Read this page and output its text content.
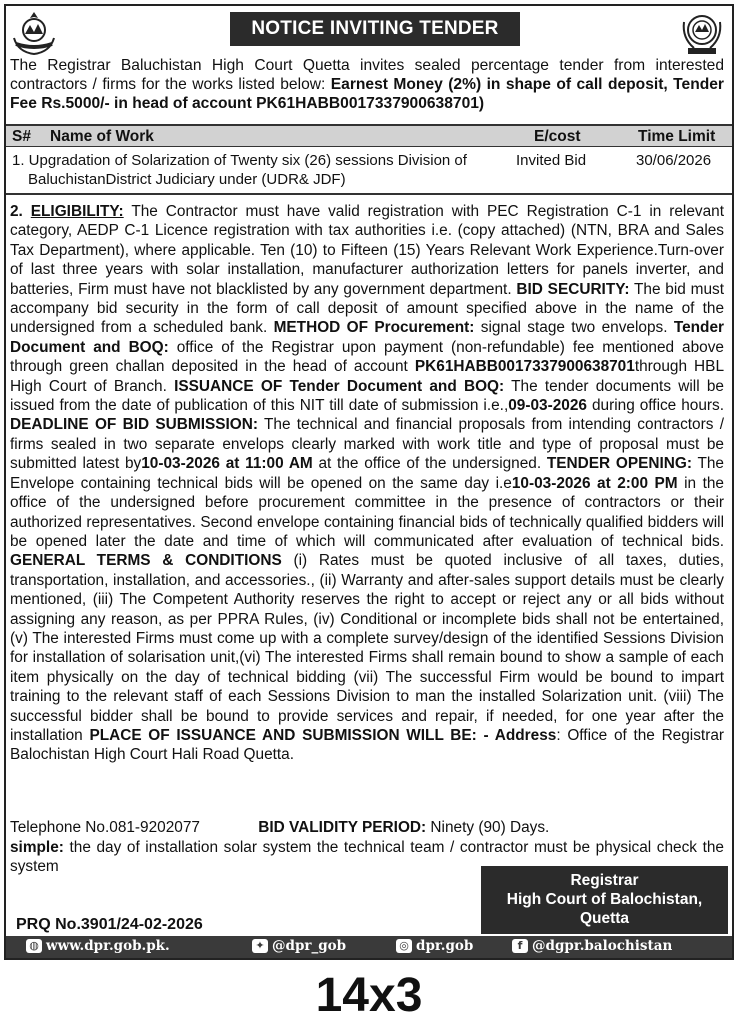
NOTICE INVITING TENDER
The Registrar Baluchistan High Court Quetta invites sealed percentage tender from interested contractors / firms for the works listed below: Earnest Money (2%) in shape of call deposit, Tender Fee Rs.5000/- in head of account PK61HABB0017337900638701)
S# Name of Work	E/cost	Time Limit
1. Upgradation of Solarization of Twenty six (26) sessions Division of
BaluchistanDistrict Judiciary under (UDR& JDF)
Invited Bid	30/06/2026
2. ELIGIBILITY: The Contractor must have valid registration with PEC Registration C-1 in relevant category, AEDP C-1 Licence registration with tax authorities i.e. (copy attached) (NTN, BRA and Sales Tax Department), where applicable. Ten (10) to Fifteen (15) Years Relevant Work Experience.Turn-over of last three years with solar installation, manufacturer authorization letters for panels inverter, and batteries, Firm must have not blacklisted by any government department. BID SECURITY: The bid must accompany bid security in the form of call deposit of amount specified above in the name of the undersigned from a scheduled bank. METHOD OF Procurement: signal stage two envelops. Tender Document and BOQ: office of the Registrar upon payment (non-refundable) fee mentioned above through green challan deposited in the head of account PK61HABB0017337900638701through HBL High Court of Branch. ISSUANCE OF Tender Document and BOQ: The tender documents will be issued from the date of publication of this NIT till date of submission i.e.,09-03-2026 during office hours. DEADLINE OF BID SUBMISSION: The technical and financial proposals from intending contractors / firms sealed in two separate envelops clearly marked with work title and type of proposal must be submitted latest by10-03-2026 at 11:00 AM at the office of the undersigned. TENDER OPENING: The Envelope containing technical bids will be opened on the same day i.e10-03-2026 at 2:00 PM in the office of the undersigned before procurement committee in the presence of contractors or their authorized representatives. Second envelope containing financial bids of technically qualified bidders will be opened later the date and time of which will communicated after evaluation of technical bids. GENERAL TERMS & CONDITIONS (i) Rates must be quoted inclusive of all taxes, duties, transportation, installation, and accessories., (ii) Warranty and after-sales support details must be clearly mentioned, (iii) The Competent Authority reserves the right to accept or reject any or all bids without assigning any reason, as per PPRA Rules, (iv) Conditional or incomplete bids shall not be entertained, (v) The interested Firms must come up with a complete survey/design of the identified Sessions Division for installation of solarisation unit,(vi) The interested Firms shall remain bound to show a sample of each item physically on the day of technical bidding (vii) The successful Firm would be bound to impart training to the relevant staff of each Sessions Division to man the installed Solarization unit. (viii) The successful bidder shall be bound to provide services and repair, if needed, for one year after the installation PLACE OF ISSUANCE AND SUBMISSION WILL BE: - Address: Office of the Registrar Balochistan High Court Hali Road Quetta.
Telephone No.081-9202077	BID VALIDITY PERIOD: Ninety (90) Days.
simple: the day of installation solar system the technical team / contractor must be physical check the system
Registrar
High Court of Balochistan,
Quetta
PRQ No.3901/24-02-2026
◍ www.dpr.gob.pk.	✦ @dpr_gob	◎ dpr.gob	f @dgpr.balochistan
14x3
